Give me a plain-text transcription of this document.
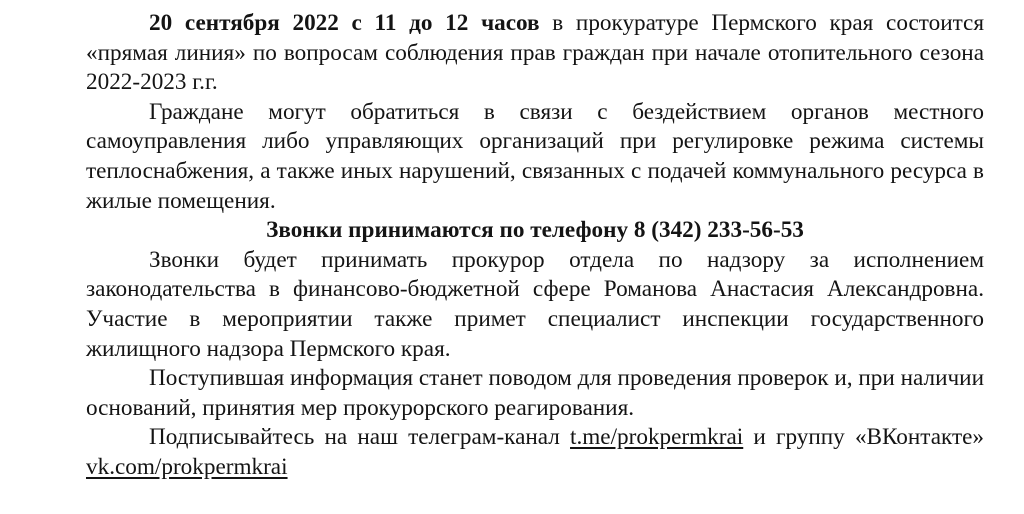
20 сентября 2022 с 11 до 12 часов в прокуратуре Пермского края состоится «прямая линия» по вопросам соблюдения прав граждан при начале отопительного сезона 2022-2023 г.г.

Граждане могут обратиться в связи с бездействием органов местного самоуправления либо управляющих организаций при регулировке режима системы теплоснабжения, а также иных нарушений, связанных с подачей коммунального ресурса в жилые помещения.

Звонки принимаются по телефону 8 (342) 233-56-53

Звонки будет принимать прокурор отдела по надзору за исполнением законодательства в финансово-бюджетной сфере Романова Анастасия Александровна. Участие в мероприятии также примет специалист инспекции государственного жилищного надзора Пермского края.

Поступившая информация станет поводом для проведения проверок и, при наличии оснований, принятия мер прокурорского реагирования.

Подписывайтесь на наш телеграм-канал t.me/prokpermkrai и группу «ВКонтакте» vk.com/prokpermkrai
